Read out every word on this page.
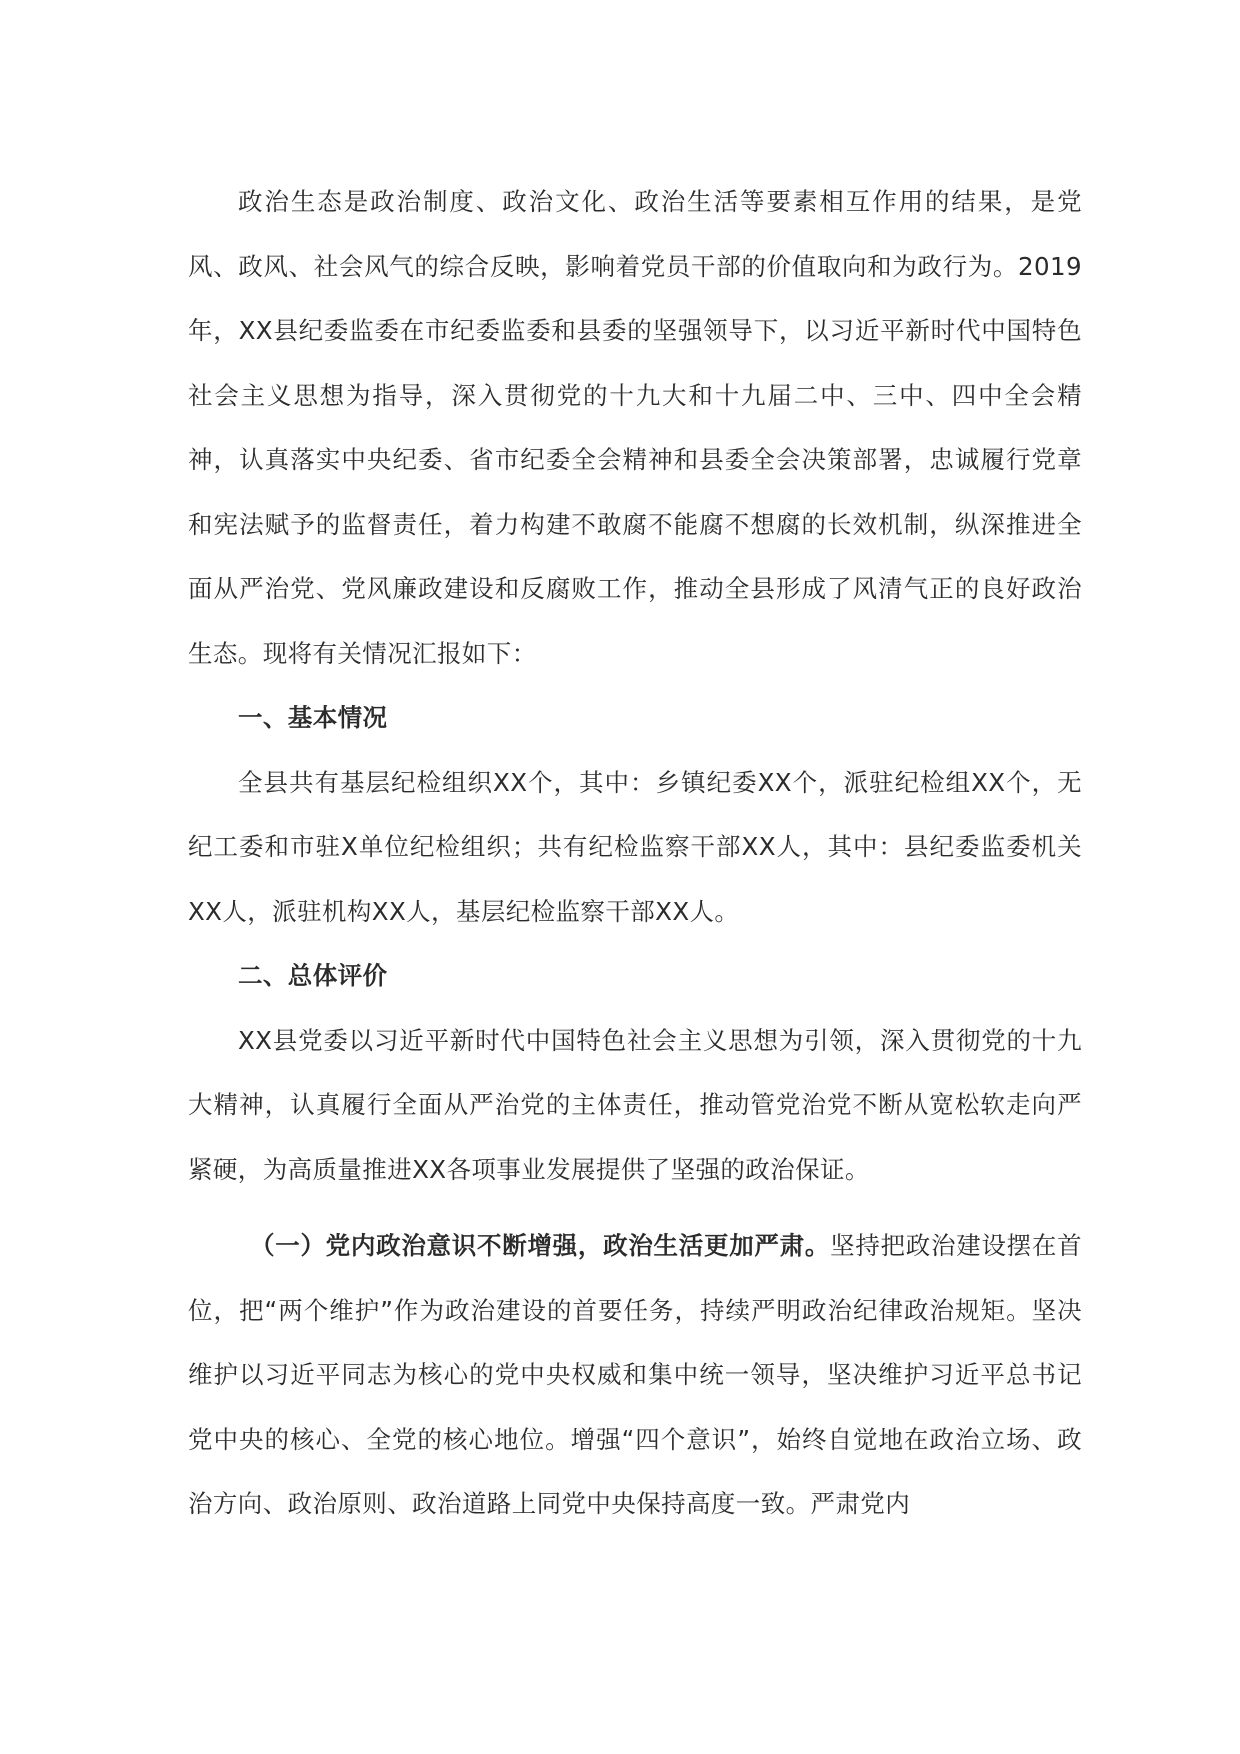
政治生态是政治制度、政治文化、政治生活等要素相互作用的结果，是党风、政风、社会风气的综合反映，影响着党员干部的价值取向和为政行为。2019年，XX县纪委监委在市纪委监委和县委的坚强领导下，以习近平新时代中国特色社会主义思想为指导，深入贯彻党的十九大和十九届二中、三中、四中全会精神，认真落实中央纪委、省市纪委全会精神和县委全会决策部署，忠诚履行党章和宪法赋予的监督责任，着力构建不敢腐不能腐不想腐的长效机制，纵深推进全面从严治党、党风廉政建设和反腐败工作，推动全县形成了风清气正的良好政治生态。现将有关情况汇报如下：

一、基本情况

全县共有基层纪检组织XX个，其中：乡镇纪委XX个，派驻纪检组XX个，无纪工委和市驻X单位纪检组织；共有纪检监察干部XX人，其中：县纪委监委机关XX人，派驻机构XX人，基层纪检监察干部XX人。

二、总体评价

XX县党委以习近平新时代中国特色社会主义思想为引领，深入贯彻党的十九大精神，认真履行全面从严治党的主体责任，推动管党治党不断从宽松软走向严紧硬，为高质量推进XX各项事业发展提供了坚强的政治保证。

（一）党内政治意识不断增强，政治生活更加严肃。坚持把政治建设摆在首位，把“两个维护”作为政治建设的首要任务，持续严明政治纪律政治规矩。坚决维护以习近平同志为核心的党中央权威和集中统一领导，坚决维护习近平总书记党中央的核心、全党的核心地位。增强“四个意识”，始终自觉地在政治立场、政治方向、政治原则、政治道路上同党中央保持高度一致。严肃党内
